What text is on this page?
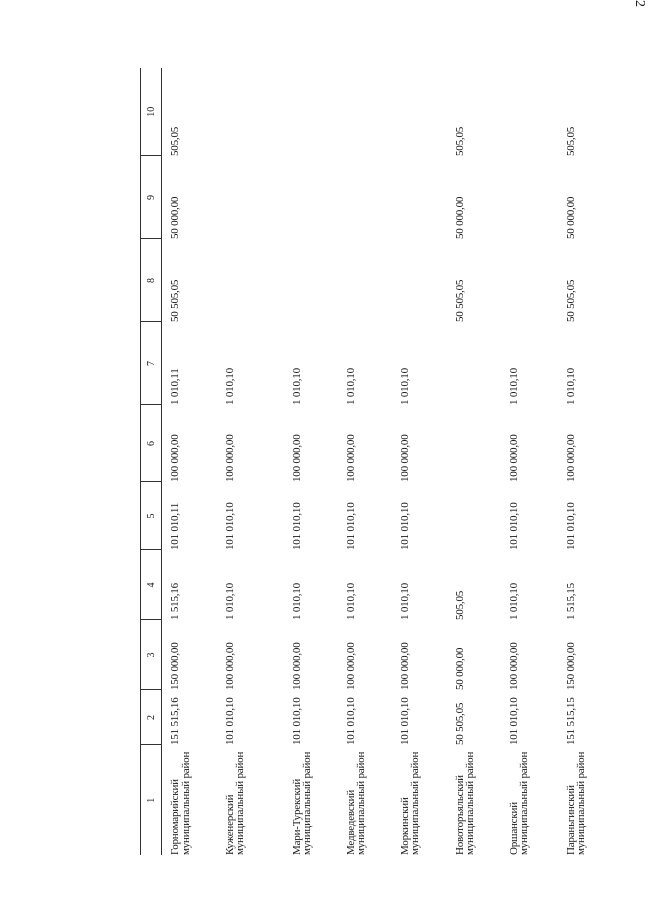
2
1	2	3	4	5	6	7	8	9	10
Горномарийский муниципальный район	151 515,16	150 000,00	1 515,16	101 010,11	100 000,00	1 010,11	50 505,05	50 000,00	505,05
Куженерский муниципальный район	101 010,10	100 000,00	1 010,10	101 010,10	100 000,00	1 010,10			
Мари-Турекский муниципальный район	101 010,10	100 000,00	1 010,10	101 010,10	100 000,00	1 010,10			
Медведевский муниципальный район	101 010,10	100 000,00	1 010,10	101 010,10	100 000,00	1 010,10			
Моркинский муниципальный район	101 010,10	100 000,00	1 010,10	101 010,10	100 000,00	1 010,10			
Новоторъяльский муниципальный район	50 505,05	50 000,00	505,05				50 505,05	50 000,00	505,05
Оршанский муниципальный район	101 010,10	100 000,00	1 010,10	101 010,10	100 000,00	1 010,10			
Параньгинский муниципальный район	151 515,15	150 000,00	1 515,15	101 010,10	100 000,00	1 010,10	50 505,05	50 000,00	505,05
